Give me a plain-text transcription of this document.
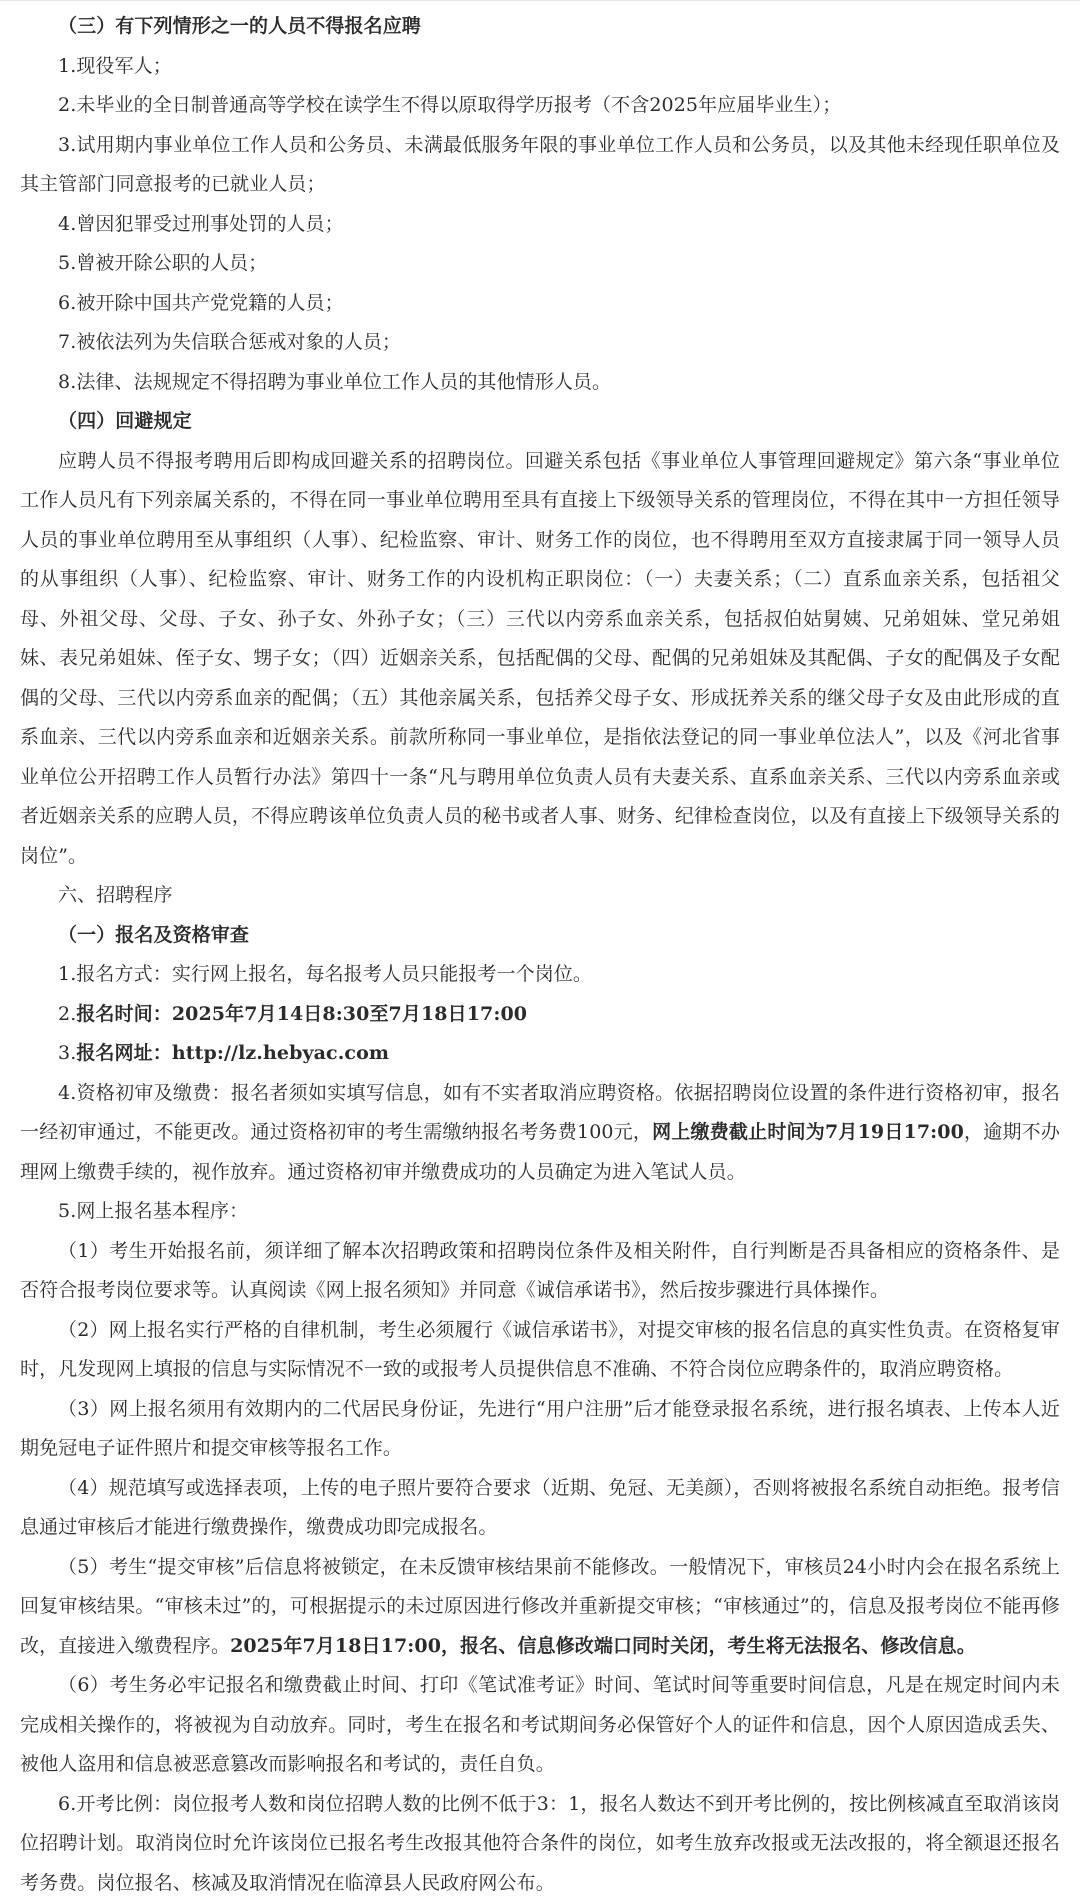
（三）有下列情形之一的人员不得报名应聘

1.现役军人；

2.未毕业的全日制普通高等学校在读学生不得以原取得学历报考（不含2025年应届毕业生）；

3.试用期内事业单位工作人员和公务员、未满最低服务年限的事业单位工作人员和公务员，以及其他未经现任职单位及其主管部门同意报考的已就业人员；

4.曾因犯罪受过刑事处罚的人员；

5.曾被开除公职的人员；

6.被开除中国共产党党籍的人员；

7.被依法列为失信联合惩戒对象的人员；

8.法律、法规规定不得招聘为事业单位工作人员的其他情形人员。

（四）回避规定

应聘人员不得报考聘用后即构成回避关系的招聘岗位。回避关系包括《事业单位人事管理回避规定》第六条“事业单位工作人员凡有下列亲属关系的，不得在同一事业单位聘用至具有直接上下级领导关系的管理岗位，不得在其中一方担任领导人员的事业单位聘用至从事组织（人事）、纪检监察、审计、财务工作的岗位，也不得聘用至双方直接隶属于同一领导人员的从事组织（人事）、纪检监察、审计、财务工作的内设机构正职岗位：（一）夫妻关系；（二）直系血亲关系，包括祖父母、外祖父母、父母、子女、孙子女、外孙子女；（三）三代以内旁系血亲关系，包括叔伯姑舅姨、兄弟姐妹、堂兄弟姐妹、表兄弟姐妹、侄子女、甥子女；（四）近姻亲关系，包括配偶的父母、配偶的兄弟姐妹及其配偶、子女的配偶及子女配偶的父母、三代以内旁系血亲的配偶；（五）其他亲属关系，包括养父母子女、形成抚养关系的继父母子女及由此形成的直系血亲、三代以内旁系血亲和近姻亲关系。前款所称同一事业单位，是指依法登记的同一事业单位法人”，以及《河北省事业单位公开招聘工作人员暂行办法》第四十一条“凡与聘用单位负责人员有夫妻关系、直系血亲关系、三代以内旁系血亲或者近姻亲关系的应聘人员，不得应聘该单位负责人员的秘书或者人事、财务、纪律检查岗位，以及有直接上下级领导关系的岗位”。

六、招聘程序

（一）报名及资格审查

1.报名方式：实行网上报名，每名报考人员只能报考一个岗位。

2.报名时间：2025年7月14日8:30至7月18日17:00

3.报名网址：http://lz.hebyac.com

4.资格初审及缴费：报名者须如实填写信息，如有不实者取消应聘资格。依据招聘岗位设置的条件进行资格初审，报名一经初审通过，不能更改。通过资格初审的考生需缴纳报名考务费100元，网上缴费截止时间为7月19日17:00，逾期不办理网上缴费手续的，视作放弃。通过资格初审并缴费成功的人员确定为进入笔试人员。

5.网上报名基本程序：

（1）考生开始报名前，须详细了解本次招聘政策和招聘岗位条件及相关附件，自行判断是否具备相应的资格条件、是否符合报考岗位要求等。认真阅读《网上报名须知》并同意《诚信承诺书》，然后按步骤进行具体操作。

（2）网上报名实行严格的自律机制，考生必须履行《诚信承诺书》，对提交审核的报名信息的真实性负责。在资格复审时，凡发现网上填报的信息与实际情况不一致的或报考人员提供信息不准确、不符合岗位应聘条件的，取消应聘资格。

（3）网上报名须用有效期内的二代居民身份证，先进行“用户注册”后才能登录报名系统，进行报名填表、上传本人近期免冠电子证件照片和提交审核等报名工作。

（4）规范填写或选择表项，上传的电子照片要符合要求（近期、免冠、无美颜），否则将被报名系统自动拒绝。报考信息通过审核后才能进行缴费操作，缴费成功即完成报名。

（5）考生“提交审核”后信息将被锁定，在未反馈审核结果前不能修改。一般情况下，审核员24小时内会在报名系统上回复审核结果。“审核未过”的，可根据提示的未过原因进行修改并重新提交审核；“审核通过”的，信息及报考岗位不能再修改，直接进入缴费程序。2025年7月18日17:00，报名、信息修改端口同时关闭，考生将无法报名、修改信息。

（6）考生务必牢记报名和缴费截止时间、打印《笔试准考证》时间、笔试时间等重要时间信息，凡是在规定时间内未完成相关操作的，将被视为自动放弃。同时，考生在报名和考试期间务必保管好个人的证件和信息，因个人原因造成丢失、被他人盗用和信息被恶意篡改而影响报名和考试的，责任自负。

6.开考比例：岗位报考人数和岗位招聘人数的比例不低于3：1，报名人数达不到开考比例的，按比例核减直至取消该岗位招聘计划。取消岗位时允许该岗位已报名考生改报其他符合条件的岗位，如考生放弃改报或无法改报的，将全额退还报名考务费。岗位报名、核减及取消情况在临漳县人民政府网公布。
